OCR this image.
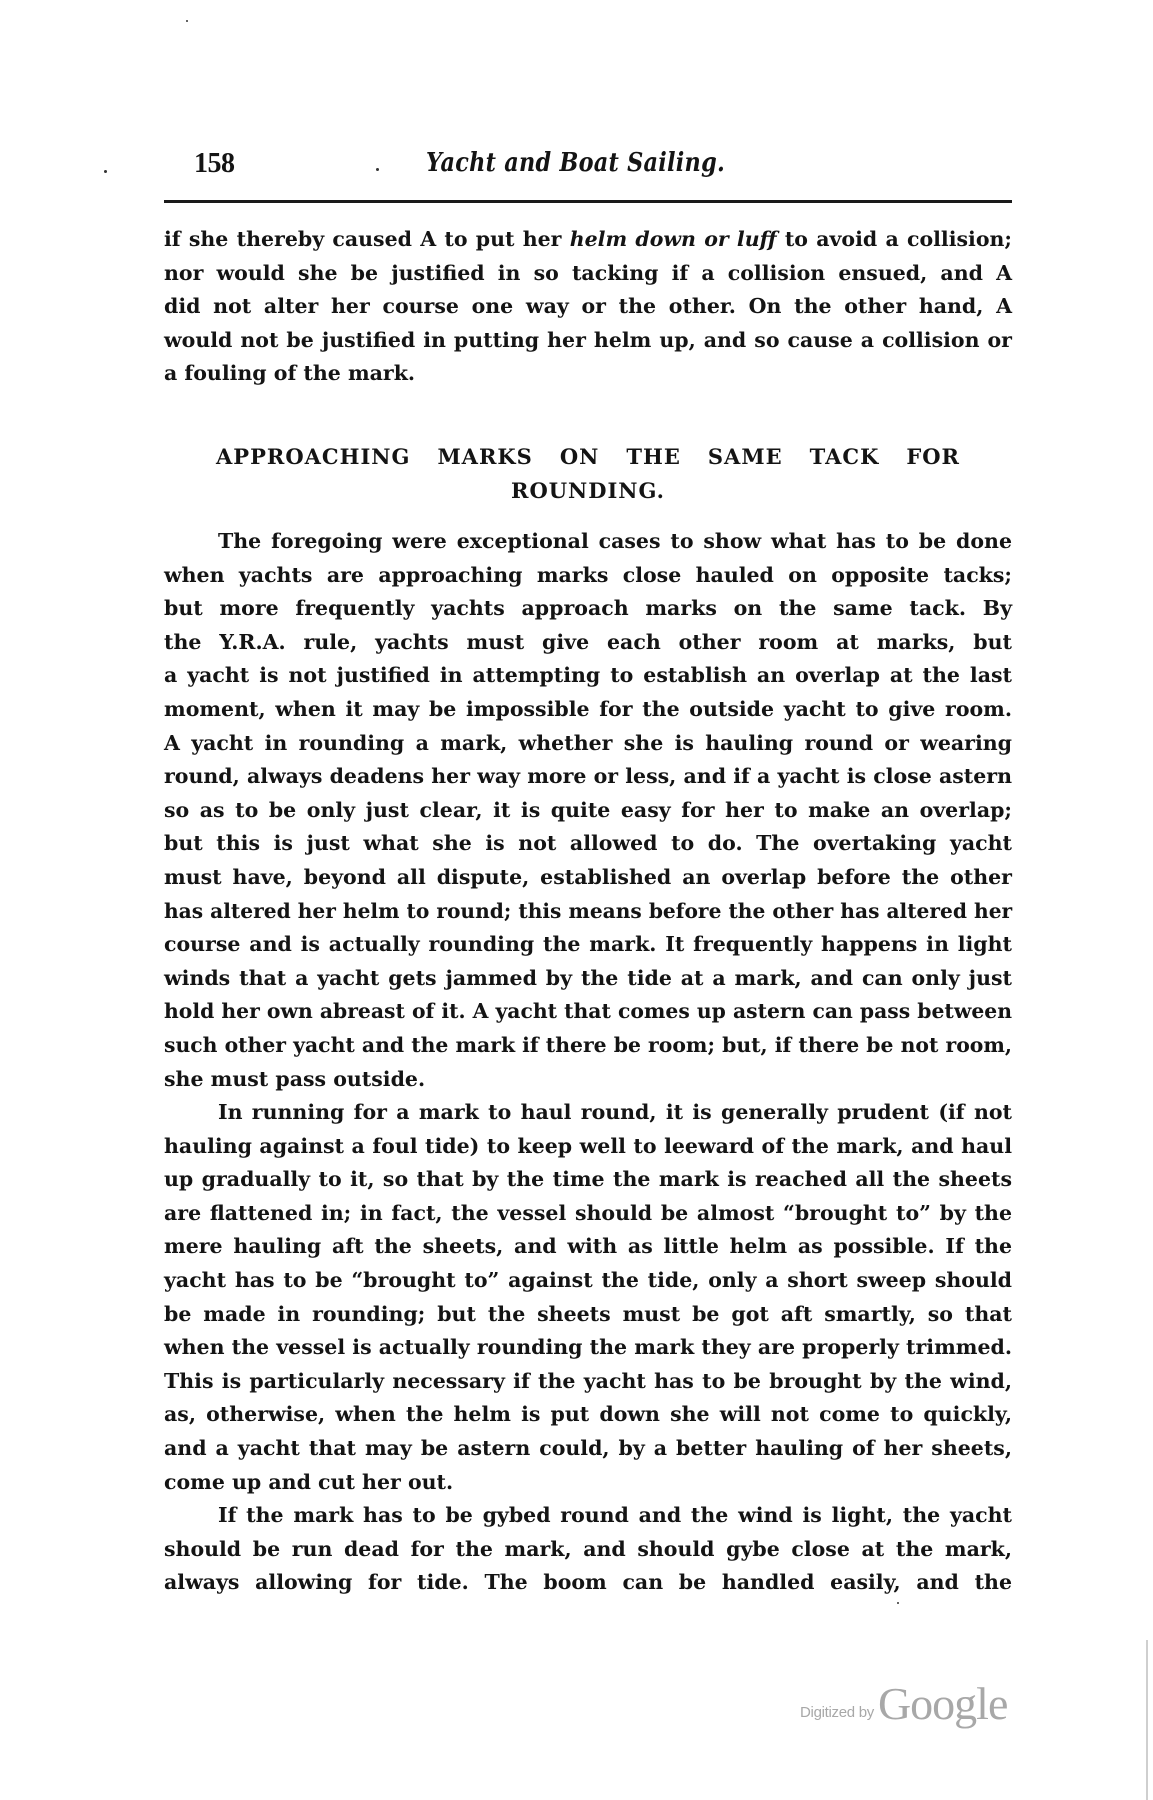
158	Yacht and Boat Sailing.
if she thereby caused A to put her helm down or luff to avoid a collision;
nor would she be justified in so tacking if a collision ensued, and A
did not alter her course one way or the other. On the other hand, A
would not be justified in putting her helm up, and so cause a collision or
a fouling of the mark.
APPROACHING MARKS ON THE SAME TACK FOR
ROUNDING.
The foregoing were exceptional cases to show what has to be done
when yachts are approaching marks close hauled on opposite tacks;
but more frequently yachts approach marks on the same tack. By
the Y.R.A. rule, yachts must give each other room at marks, but
a yacht is not justified in attempting to establish an overlap at the last
moment, when it may be impossible for the outside yacht to give room.
A yacht in rounding a mark, whether she is hauling round or wearing
round, always deadens her way more or less, and if a yacht is close astern
so as to be only just clear, it is quite easy for her to make an overlap;
but this is just what she is not allowed to do. The overtaking yacht
must have, beyond all dispute, established an overlap before the other
has altered her helm to round; this means before the other has altered her
course and is actually rounding the mark. It frequently happens in light
winds that a yacht gets jammed by the tide at a mark, and can only just
hold her own abreast of it. A yacht that comes up astern can pass between
such other yacht and the mark if there be room; but, if there be not room,
she must pass outside.
In running for a mark to haul round, it is generally prudent (if not
hauling against a foul tide) to keep well to leeward of the mark, and haul
up gradually to it, so that by the time the mark is reached all the sheets
are flattened in; in fact, the vessel should be almost “brought to” by the
mere hauling aft the sheets, and with as little helm as possible. If the
yacht has to be “brought to” against the tide, only a short sweep should
be made in rounding; but the sheets must be got aft smartly, so that
when the vessel is actually rounding the mark they are properly trimmed.
This is particularly necessary if the yacht has to be brought by the wind,
as, otherwise, when the helm is put down she will not come to quickly,
and a yacht that may be astern could, by a better hauling of her sheets,
come up and cut her out.
If the mark has to be gybed round and the wind is light, the yacht
should be run dead for the mark, and should gybe close at the mark,
always allowing for tide. The boom can be handled easily, and the
Digitized by Google
